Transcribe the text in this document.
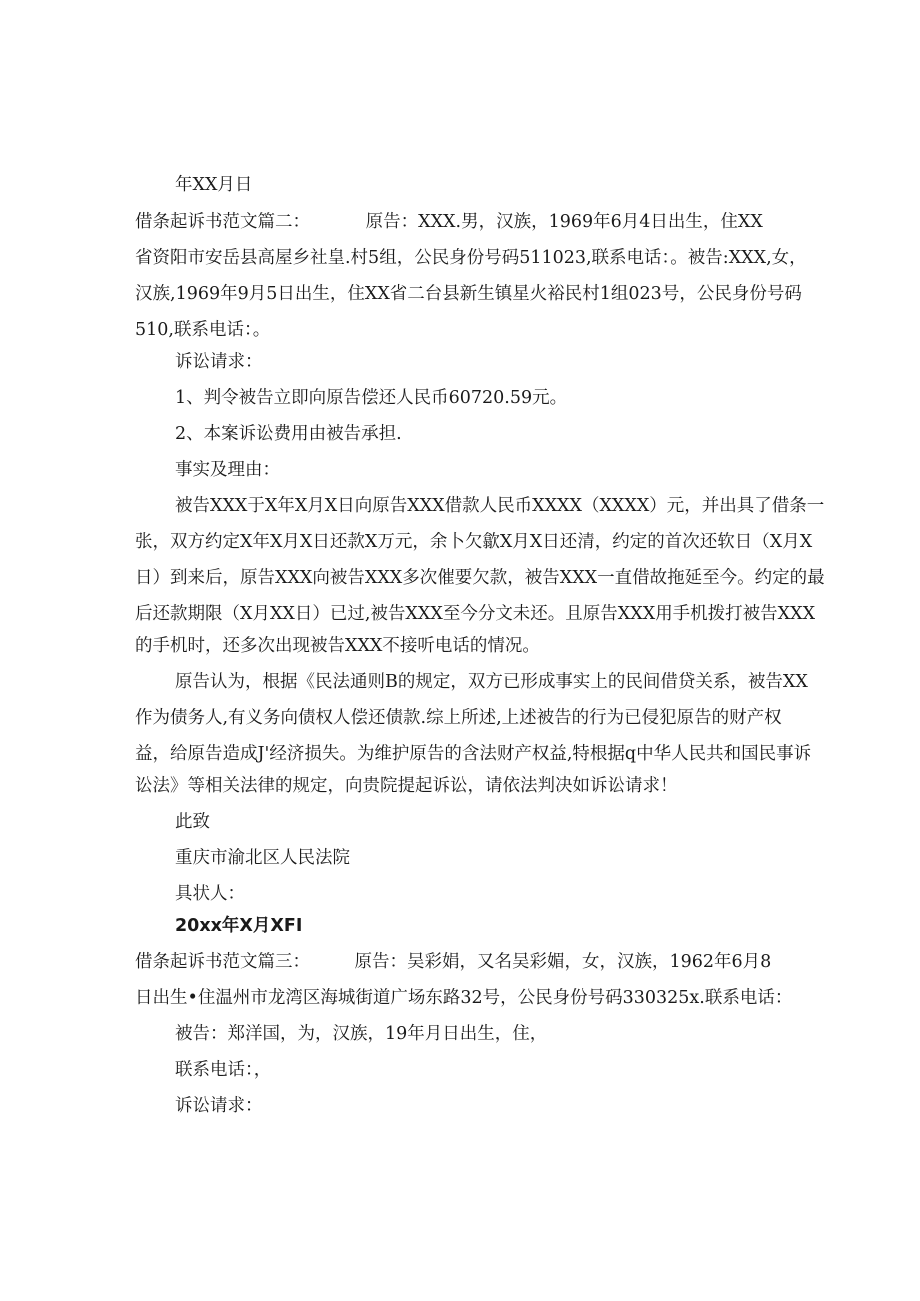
年XX月日
借条起诉书范文篇二：          原告：XXX.男，汉族，1969年6月4日出生，住XX
省资阳市安岳县高屋乡社皇.村5组，公民身份号码511023,联系电话：。被告:XXX,女，
汉族,1969年9月5日出生，住XX省二台县新生镇星火裕民村1组023号，公民身份号码
510,联系电话：。
诉讼请求：
1、判令被告立即向原告偿还人民币60720.59元。
2、本案诉讼费用由被告承担.
事实及理由：
被告XXX于X年X月X日向原告XXX借款人民币XXXX（XXXX）元，并出具了借条一
张，双方约定X年X月X日还款X万元，余卜欠歙X月X日还清，约定的首次还软日（X月X
日）到来后，原告XXX向被告XXX多次催要欠款，被告XXX一直借故拖延至今。约定的最
后还款期限（X月XX日）已过,被告XXX至今分文未还。且原告XXX用手机拨打被告XXX
的手机时，还多次出现被告XXX不接听电话的情况。
原告认为，根据《民法通则B的规定，双方已形成事实上的民间借贷关系，被告XX
作为债务人,有义务向债权人偿还债款.综上所述,上述被告的行为已侵犯原告的财产权
益，给原告造成J'经济损失。为维护原告的含法财产权益,特根据q中华人民共和国民事诉
讼法》等相关法律的规定，向贵院提起诉讼，请依法判决如诉讼请求！
此致
重庆市渝北区人民法院
具状人：
20xx年X月XFI
借条起诉书范文篇三：        原告：吴彩娟，又名吴彩媚，女，汉族，1962年6月8
日出生•住温州市龙湾区海城街道广场东路32号，公民身份号码330325x.联系电话：
被告：郑洋国，为，汉族，19年月日出生，住，
联系电话：，
诉讼请求：
